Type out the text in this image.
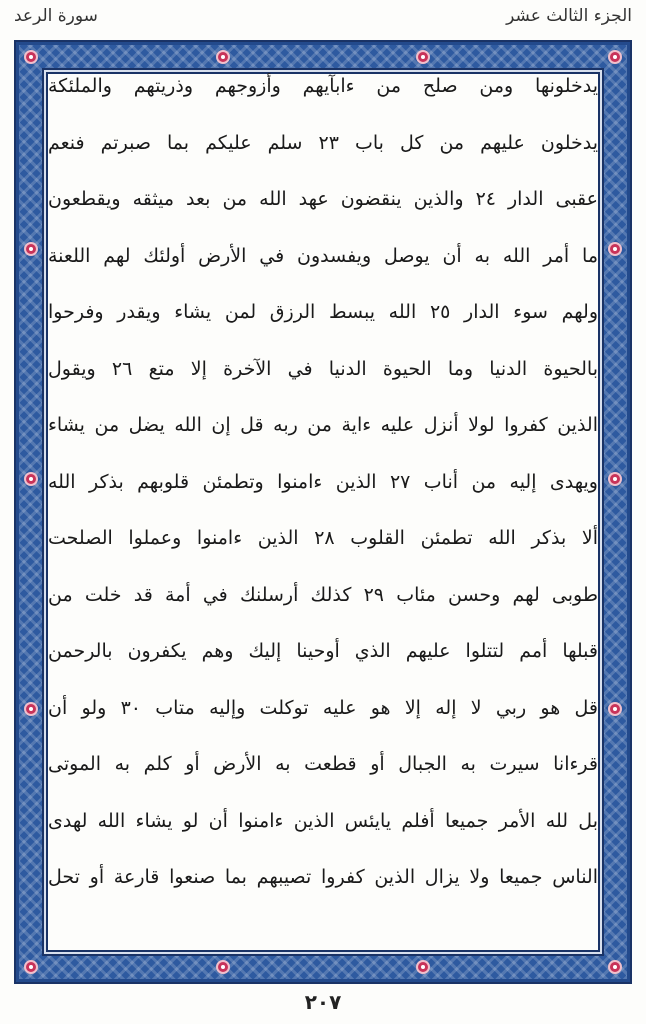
الجزء الثالث عشر
سورة الرعد
يدخلونها ومن صلح من ءابآيهم وأزوجهم وذريتهم والملئكة
يدخلون عليهم من كل باب ٢٣ سلم عليكم بما صبرتم فنعم
عقبى الدار ٢٤ والذين ينقضون عهد الله من بعد ميثقه ويقطعون
ما أمر الله به أن يوصل ويفسدون في الأرض أولئك لهم اللعنة
ولهم سوء الدار ٢٥ الله يبسط الرزق لمن يشاء ويقدر وفرحوا
بالحيوة الدنيا وما الحيوة الدنيا في الآخرة إلا متع ٢٦ ويقول
الذين كفروا لولا أنزل عليه ءاية من ربه قل إن الله يضل من يشاء
ويهدى إليه من أناب ٢٧ الذين ءامنوا وتطمئن قلوبهم بذكر الله
ألا بذكر الله تطمئن القلوب ٢٨ الذين ءامنوا وعملوا الصلحت
طوبى لهم وحسن مئاب ٢٩ كذلك أرسلنك في أمة قد خلت من
قبلها أمم لتتلوا عليهم الذي أوحينا إليك وهم يكفرون بالرحمن
قل هو ربي لا إله إلا هو عليه توكلت وإليه متاب ٣٠ ولو أن
قرءانا سيرت به الجبال أو قطعت به الأرض أو كلم به الموتى
بل لله الأمر جميعا أفلم يايئس الذين ءامنوا أن لو يشاء الله لهدى
الناس جميعا ولا يزال الذين كفروا تصيبهم بما صنعوا قارعة أو تحل
٢٠٧
